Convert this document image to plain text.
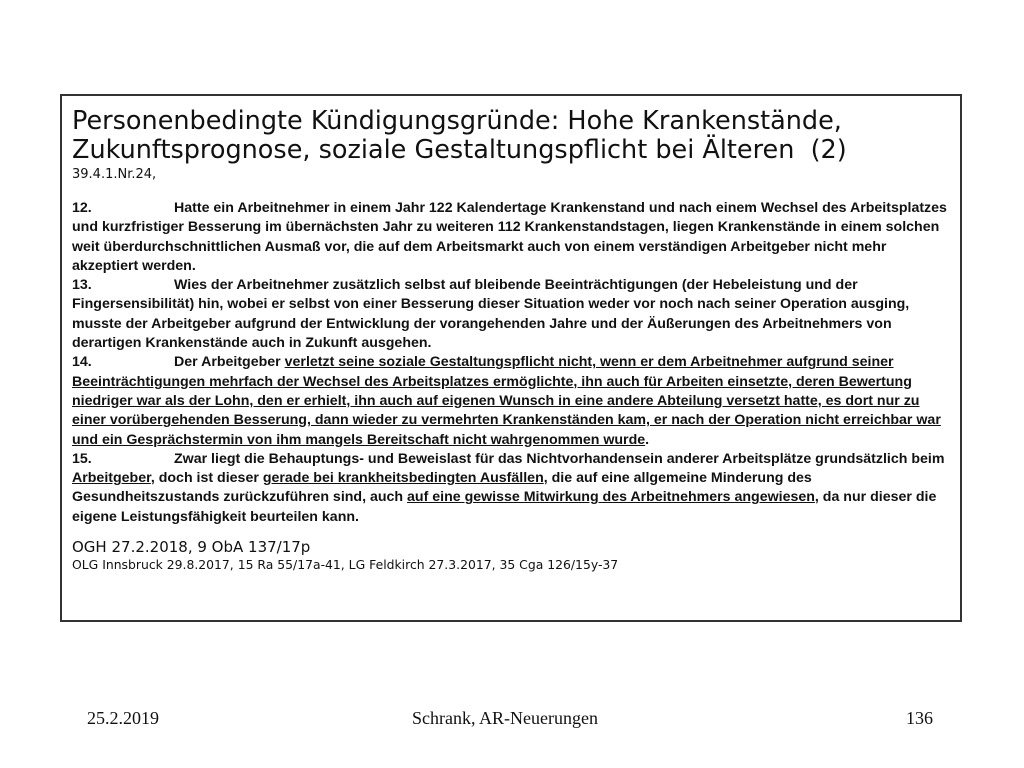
Personenbedingte Kündigungsgründe: Hohe Krankenstände,
Zukunftsprognose, soziale Gestaltungspflicht bei Älteren  (2)
39.4.1.Nr.24,

12.	Hatte ein Arbeitnehmer in einem Jahr 122 Kalendertage Krankenstand und nach einem Wechsel des Arbeitsplatzes und kurzfristiger Besserung im übernächsten Jahr zu weiteren 112 Krankenstandstagen, liegen Krankenstände in einem solchen weit überdurchschnittlichen Ausmaß vor, die auf dem Arbeitsmarkt auch von einem verständigen Arbeitgeber nicht mehr akzeptiert werden.

13.	Wies der Arbeitnehmer zusätzlich selbst auf bleibende Beeinträchtigungen (der Hebeleistung und der Fingersensibilität) hin, wobei er selbst von einer Besserung dieser Situation weder vor noch nach seiner Operation ausging, musste der Arbeitgeber aufgrund der Entwicklung der vorangehenden Jahre und der Äußerungen des Arbeitnehmers von derartigen Krankenstände auch in Zukunft ausgehen.

14.	Der Arbeitgeber verletzt seine soziale Gestaltungspflicht nicht, wenn er dem Arbeitnehmer aufgrund seiner Beeinträchtigungen mehrfach der Wechsel des Arbeitsplatzes ermöglichte, ihn auch für Arbeiten einsetzte, deren Bewertung niedriger war als der Lohn, den er erhielt, ihn auch auf eigenen Wunsch in eine andere Abteilung versetzt hatte, es dort nur zu einer vorübergehenden Besserung, dann wieder zu vermehrten Krankenständen kam, er nach der Operation nicht erreichbar war und ein Gesprächstermin von ihm mangels Bereitschaft nicht wahrgenommen wurde.

15.	Zwar liegt die Behauptungs- und Beweislast für das Nichtvorhandensein anderer Arbeitsplätze grundsätzlich beim Arbeitgeber, doch ist dieser gerade bei krankheitsbedingten Ausfällen, die auf eine allgemeine Minderung des Gesundheitszustands zurückzuführen sind, auch auf eine gewisse Mitwirkung des Arbeitnehmers angewiesen, da nur dieser die eigene Leistungsfähigkeit beurteilen kann.

OGH 27.2.2018, 9 ObA 137/17p
OLG Innsbruck 29.8.2017, 15 Ra 55/17a-41, LG Feldkirch 27.3.2017, 35 Cga 126/15y-37
25.2.2019	Schrank, AR-Neuerungen	136
